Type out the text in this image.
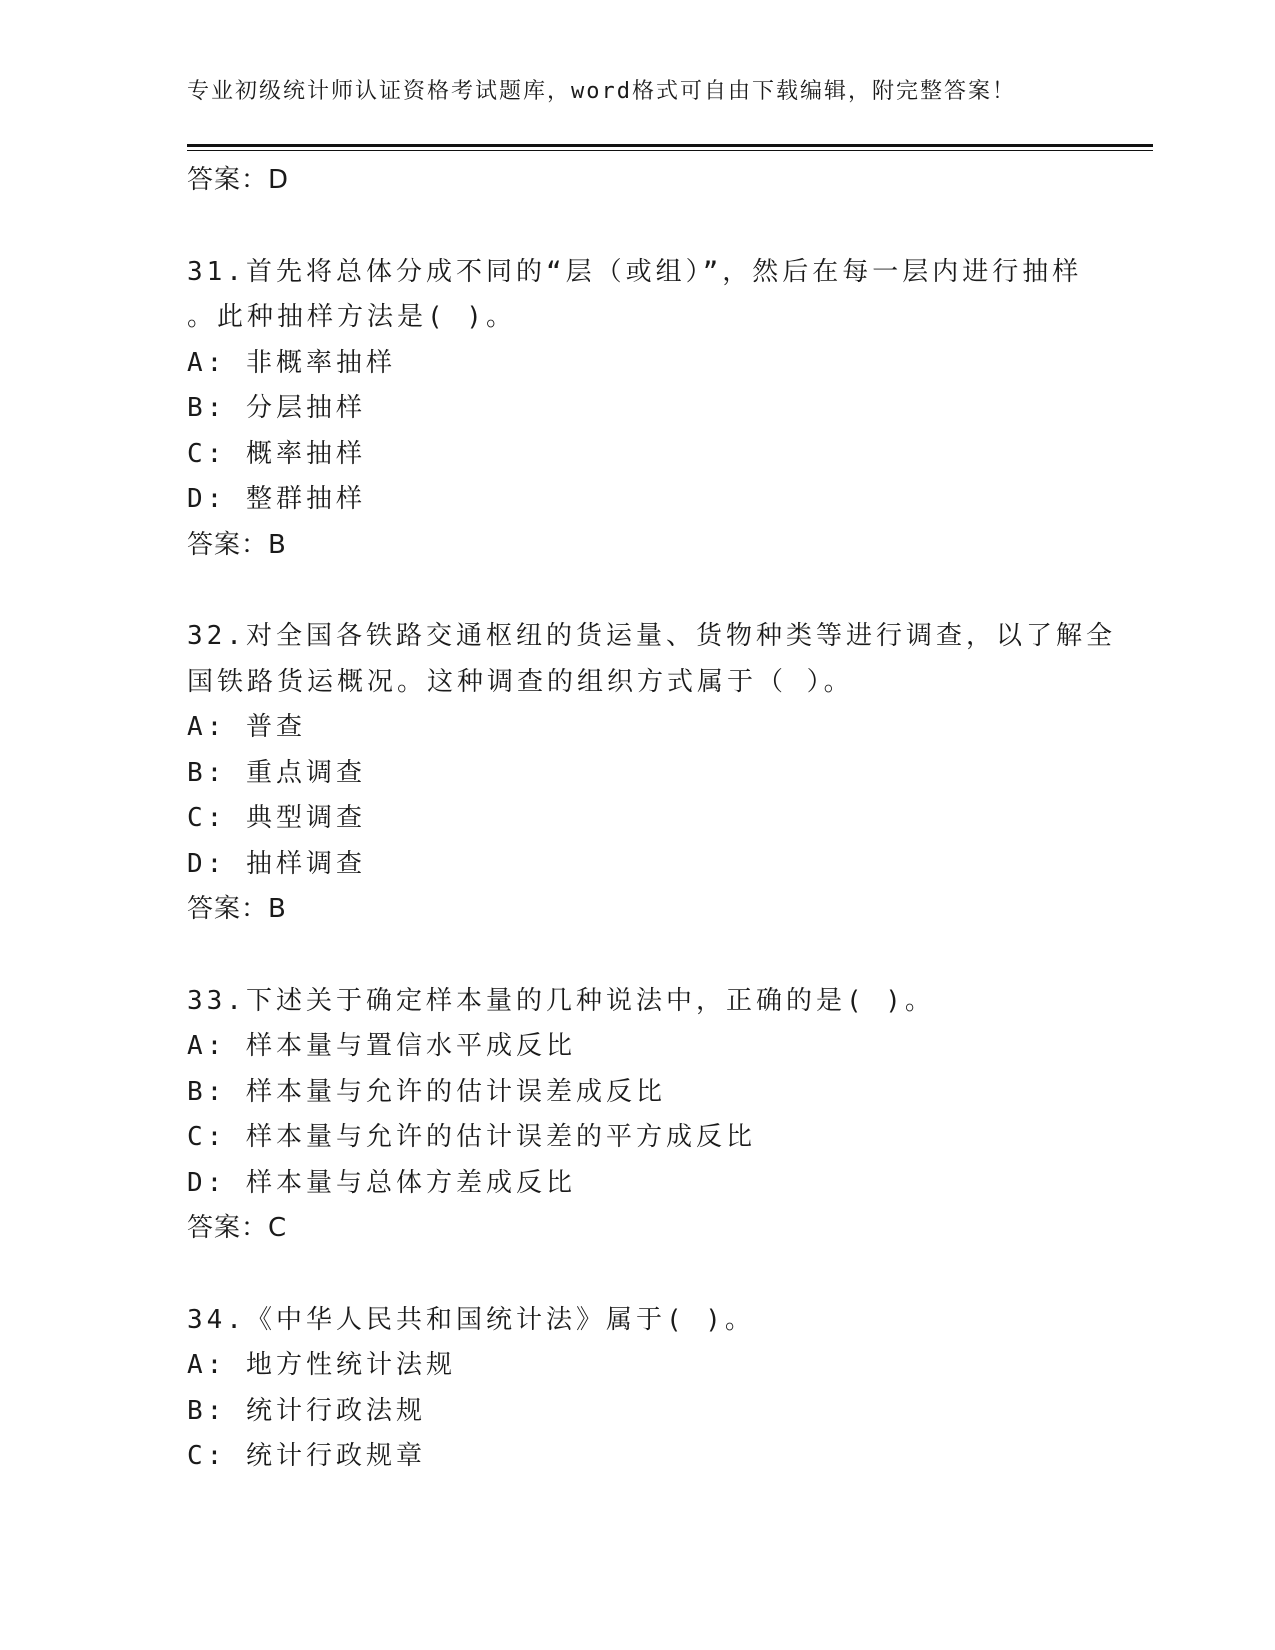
专业初级统计师认证资格考试题库，word格式可自由下载编辑，附完整答案！
答案：D
31.首先将总体分成不同的“层（或组）”，然后在每一层内进行抽样
。此种抽样方法是( )。
A: 非概率抽样
B: 分层抽样
C: 概率抽样
D: 整群抽样
答案：B
32.对全国各铁路交通枢纽的货运量、货物种类等进行调查，以了解全
国铁路货运概况。这种调查的组织方式属于（ ）。
A: 普查
B: 重点调查
C: 典型调查
D: 抽样调查
答案：B
33.下述关于确定样本量的几种说法中，正确的是( )。
A: 样本量与置信水平成反比
B: 样本量与允许的估计误差成反比
C: 样本量与允许的估计误差的平方成反比
D: 样本量与总体方差成反比
答案：C
34.《中华人民共和国统计法》属于( )。
A: 地方性统计法规
B: 统计行政法规
C: 统计行政规章
